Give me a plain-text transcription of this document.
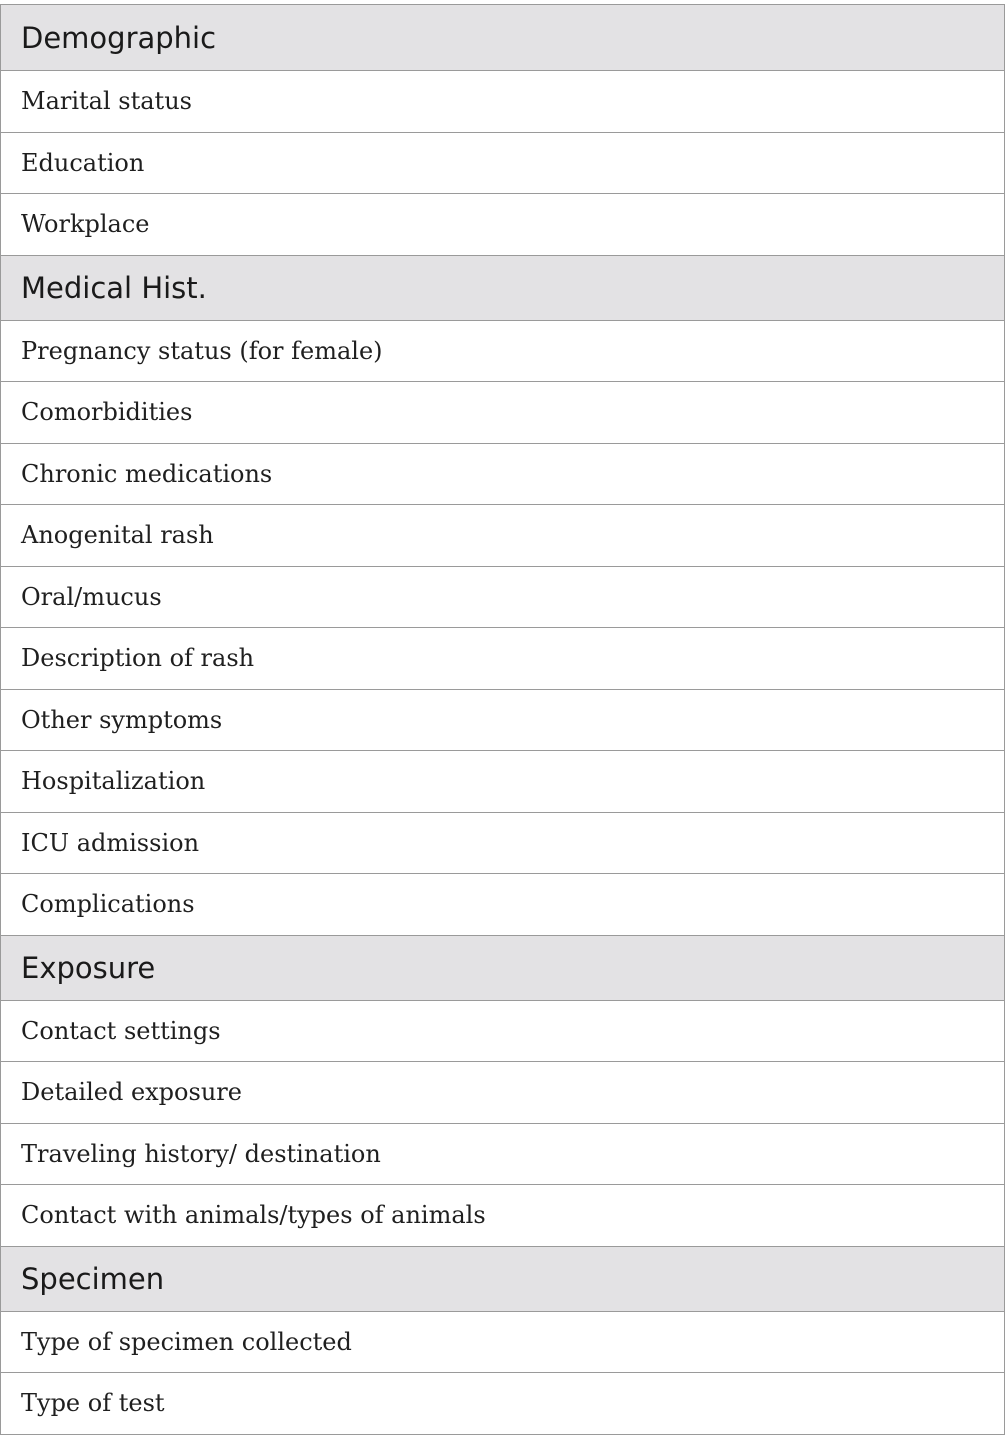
Demographic
Marital status
Education
Workplace
Medical Hist.
Pregnancy status (for female)
Comorbidities
Chronic medications
Anogenital rash
Oral/mucus
Description of rash
Other symptoms
Hospitalization
ICU admission
Complications
Exposure
Contact settings
Detailed exposure
Traveling history/ destination
Contact with animals/types of animals
Specimen
Type of specimen collected
Type of test
